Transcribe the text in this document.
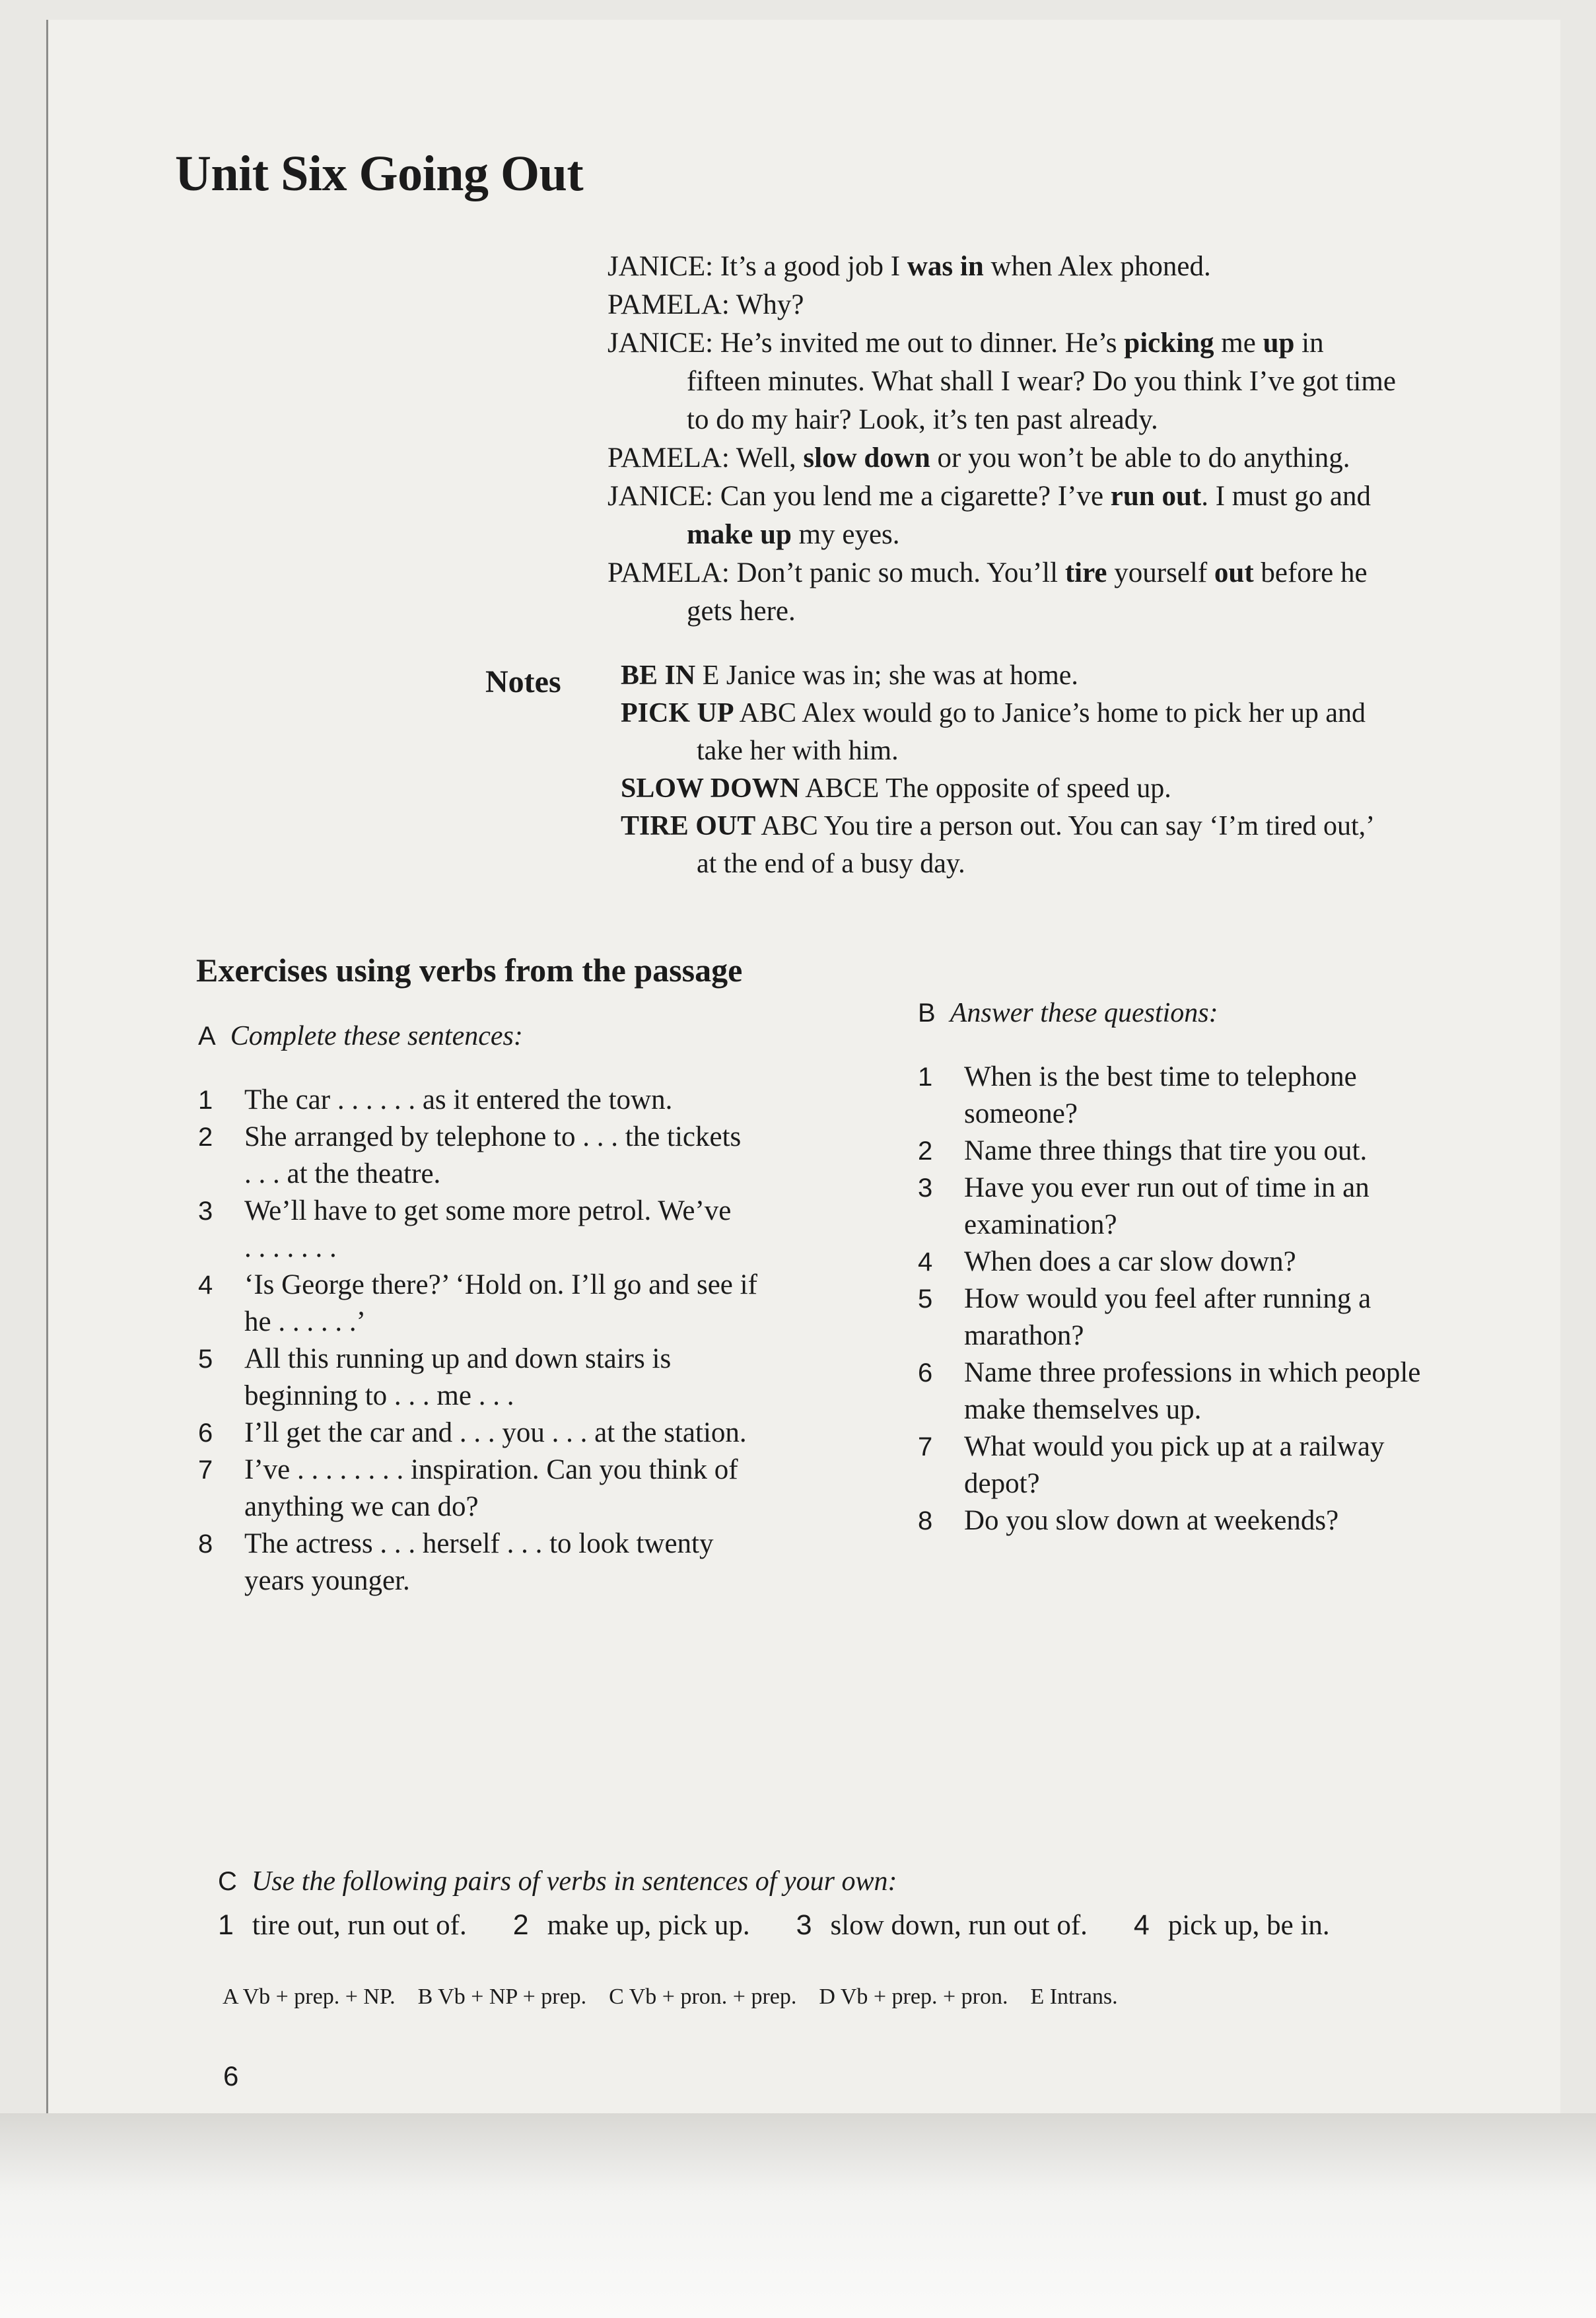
Unit Six Going Out

JANICE: It’s a good job I was in when Alex phoned.

PAMELA: Why?

JANICE: He’s invited me out to dinner. He’s picking me up in
fifteen minutes. What shall I wear? Do you think I’ve got time
to do my hair? Look, it’s ten past already.

PAMELA: Well, slow down or you won’t be able to do anything.

JANICE: Can you lend me a cigarette? I’ve run out. I must go and
make up my eyes.

PAMELA: Don’t panic so much. You’ll tire yourself out before he
gets here.

Notes BE IN E Janice was in; she was at home.

PICK UP ABC Alex would go to Janice’s home to pick her up and
take her with him.

SLOW DOWN ABCE The opposite of speed up.

TIRE OUT ABC You tire a person out. You can say ‘I’m tired out,’
at the end of a busy day.

Exercises using verbs from the passage

A Complete these sentences:

1	The car . . . . . . as it entered the town.
2	She arranged by telephone to . . . the tickets
. . . at the theatre.
3	We’ll have to get some more petrol. We’ve
. . . . . . .
4	‘Is George there?’ ‘Hold on. I’ll go and see if
he . . . . . .’
5	All this running up and down stairs is
beginning to . . . me . . .
6	I’ll get the car and . . . you . . . at the station.
7	I’ve . . . . . . . . inspiration. Can you think of
anything we can do?
8	The actress . . . herself . . . to look twenty
years younger.

B Answer these questions:

1	When is the best time to telephone
someone?
2	Name three things that tire you out.
3	Have you ever run out of time in an
examination?
4	When does a car slow down?
5	How would you feel after running a
marathon?
6	Name three professions in which people
make themselves up.
7	What would you pick up at a railway
depot?
8	Do you slow down at weekends?

C Use the following pairs of verbs in sentences of your own:

1 tire out, run out of. 2 make up, pick up. 3 slow down, run out of. 4 pick up, be in.
A Vb + prep. + NP. B Vb + NP + prep. C Vb + pron. + prep. D Vb + prep. + pron. E Intrans.
6
